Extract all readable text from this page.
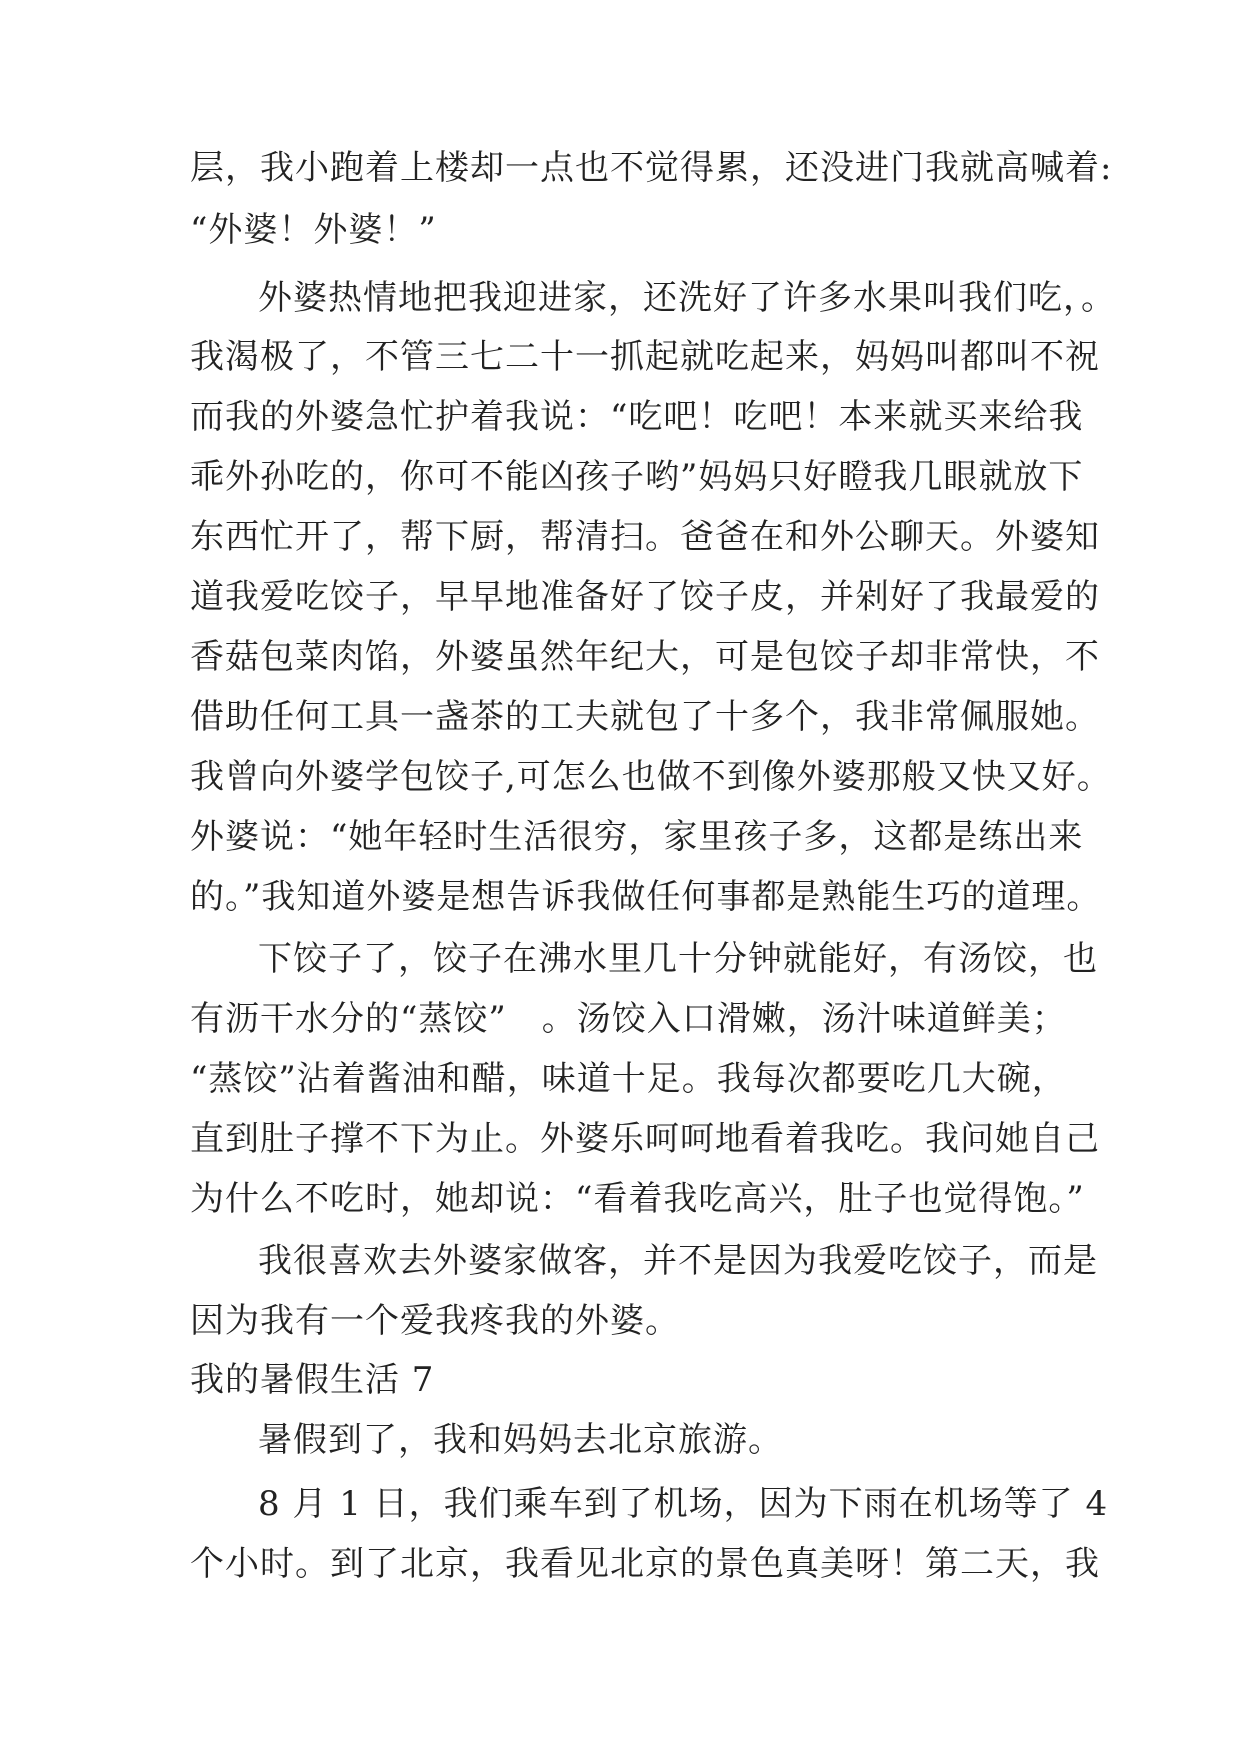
层，我小跑着上楼却一点也不觉得累，还没进门我就高喊着:

“外婆！外婆！”

外婆热情地把我迎进家，还洗好了许多水果叫我们吃，。

我渴极了，不管三七二十一抓起就吃起来，妈妈叫都叫不祝

而我的外婆急忙护着我说：“吃吧！吃吧！本来就买来给我

乖外孙吃的，你可不能凶孩子哟”妈妈只好瞪我几眼就放下

东西忙开了，帮下厨，帮清扫。爸爸在和外公聊天。外婆知

道我爱吃饺子，早早地准备好了饺子皮，并剁好了我最爱的

香菇包菜肉馅，外婆虽然年纪大，可是包饺子却非常快，不

借助任何工具一盏茶的工夫就包了十多个，我非常佩服她。

我曾向外婆学包饺子,可怎么也做不到像外婆那般又快又好。

外婆说：“她年轻时生活很穷，家里孩子多，这都是练出来

的。”我知道外婆是想告诉我做任何事都是熟能生巧的道理。

下饺子了，饺子在沸水里几十分钟就能好，有汤饺，也

有沥干水分的“蒸饺”　。汤饺入口滑嫩，汤汁味道鲜美；

“蒸饺”沾着酱油和醋，味道十足。我每次都要吃几大碗，

直到肚子撑不下为止。外婆乐呵呵地看着我吃。我问她自己

为什么不吃时，她却说：“看着我吃高兴，肚子也觉得饱。”

我很喜欢去外婆家做客，并不是因为我爱吃饺子，而是

因为我有一个爱我疼我的外婆。

我的暑假生活 7

暑假到了，我和妈妈去北京旅游。

8 月 1 日，我们乘车到了机场，因为下雨在机场等了 4

个小时。到了北京，我看见北京的景色真美呀！第二天，我
